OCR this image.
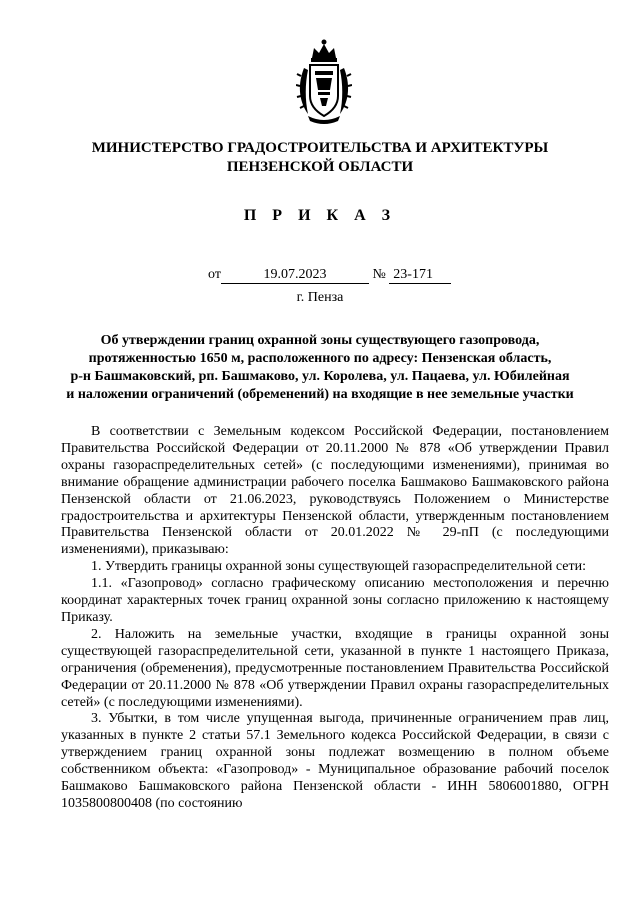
МИНИСТЕРСТВО ГРАДОСТРОИТЕЛЬСТВА И АРХИТЕКТУРЫ
ПЕНЗЕНСКОЙ ОБЛАСТИ
П Р И К А З
от	19.07.2023	№ 23-171
г. Пенза
Об утверждении границ охранной зоны существующего газопровода,
протяженностью 1650 м, расположенного по адресу: Пензенская область,
р-н Башмаковский, рп. Башмаково, ул. Королева, ул. Пацаева, ул. Юбилейная
и наложении ограничений (обременений) на входящие в нее земельные участки

В соответствии с Земельным кодексом Российской Федерации, постановлением Правительства Российской Федерации от 20.11.2000 № 878 «Об утверждении Правил охраны газораспределительных сетей» (с последующими изменениями), принимая во внимание обращение администрации рабочего поселка Башмаково Башмаковского района Пензенской области от 21.06.2023, руководствуясь Положением о Министерстве градостроительства и архитектуры Пензенской области, утвержденным постановлением Правительства Пензенской области от 20.01.2022 № 29-пП (с последующими изменениями), приказываю:

1. Утвердить границы охранной зоны существующей газораспределительной сети:

1.1. «Газопровод» согласно графическому описанию местоположения и перечню координат характерных точек границ охранной зоны согласно приложению к настоящему Приказу.

2. Наложить на земельные участки, входящие в границы охранной зоны существующей газораспределительной сети, указанной в пункте 1 настоящего Приказа, ограничения (обременения), предусмотренные постановлением Правительства Российской Федерации от 20.11.2000 № 878 «Об утверждении Правил охраны газораспределительных сетей» (с последующими изменениями).

3. Убытки, в том числе упущенная выгода, причиненные ограничением прав лиц, указанных в пункте 2 статьи 57.1 Земельного кодекса Российской Федерации, в связи с утверждением границ охранной зоны подлежат возмещению в полном объеме собственником объекта: «Газопровод» - Муниципальное образование рабочий поселок Башмаково Башмаковского района Пензенской области - ИНН 5806001880, ОГРН 1035800800408 (по состоянию
